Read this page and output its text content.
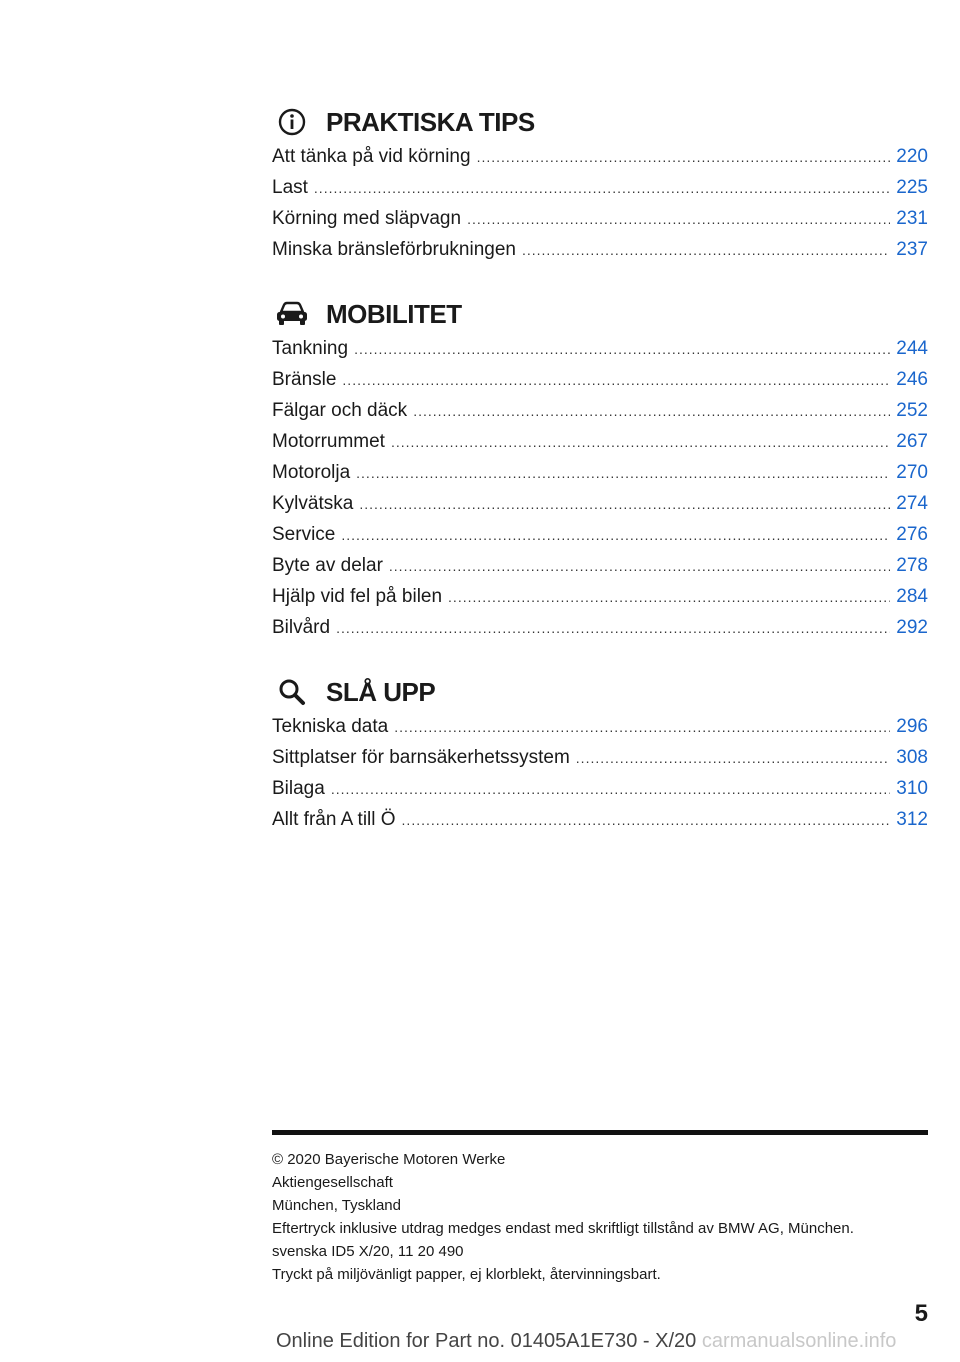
PRAKTISKA TIPS
Att tänka på vid körning .....	220
Last .....	225
Körning med släpvagn .....	231
Minska bränsleförbrukningen .....	237
MOBILITET
Tankning .....	244
Bränsle .....	246
Fälgar och däck .....	252
Motorrummet .....	267
Motorolja .....	270
Kylvätska .....	274
Service .....	276
Byte av delar .....	278
Hjälp vid fel på bilen .....	284
Bilvård .....	292
SLÅ UPP
Tekniska data .....	296
Sittplatser för barnsäkerhetssystem .....	308
Bilaga .....	310
Allt från A till Ö .....	312
© 2020 Bayerische Motoren Werke
Aktiengesellschaft
München, Tyskland
Eftertryck inklusive utdrag medges endast med skriftligt tillstånd av BMW AG, München.
svenska ID5 X/20, 11 20 490
Tryckt på miljövänligt papper, ej klorblekt, återvinningsbart.
5
Online Edition for Part no. 01405A1E730 - X/20 carmanualsonline.info
